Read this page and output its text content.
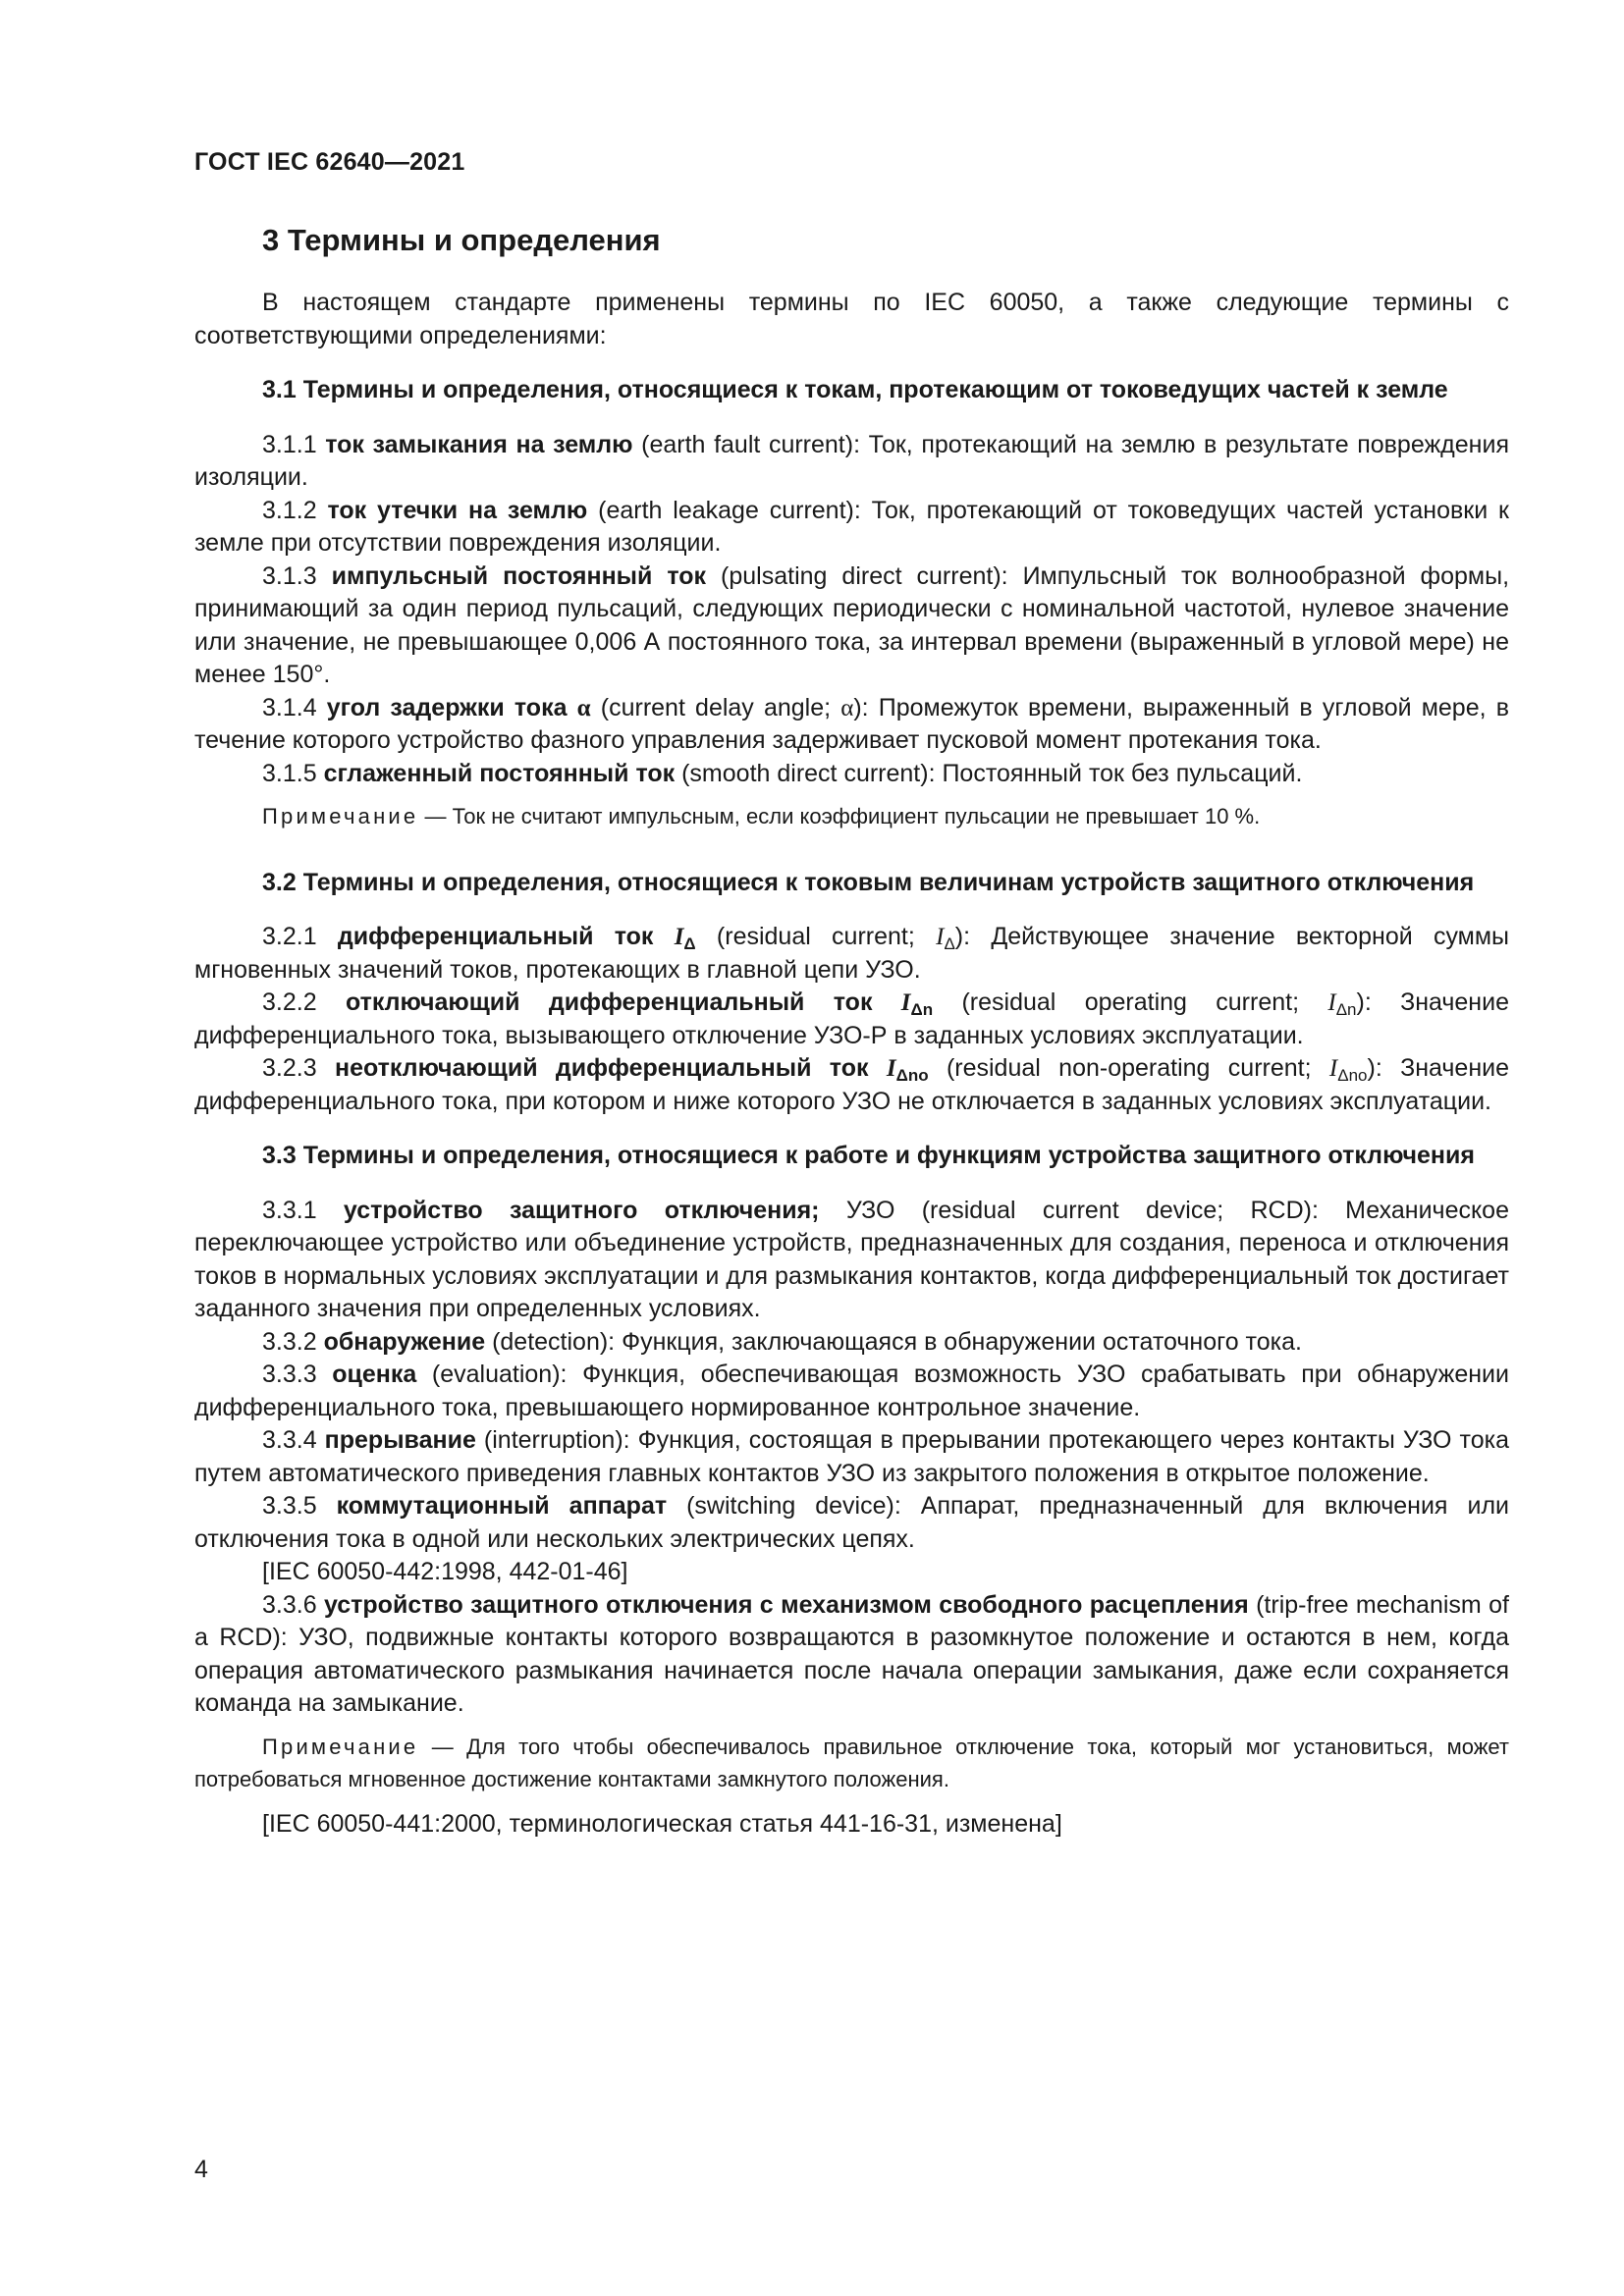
ГОСТ IEC 62640—2021
3 Термины и определения

В настоящем стандарте применены термины по IEC 60050, а также следующие термины с соответствующими определениями:

3.1 Термины и определения, относящиеся к токам, протекающим от токоведущих частей к земле

3.1.1 ток замыкания на землю (earth fault current): Ток, протекающий на землю в результате повреждения изоляции.

3.1.2 ток утечки на землю (earth leakage current): Ток, протекающий от токоведущих частей установки к земле при отсутствии повреждения изоляции.

3.1.3 импульсный постоянный ток (pulsating direct current): Импульсный ток волнообразной формы, принимающий за один период пульсаций, следующих периодически с номинальной частотой, нулевое значение или значение, не превышающее 0,006 А постоянного тока, за интервал времени (выраженный в угловой мере) не менее 150°.

3.1.4 угол задержки тока α (current delay angle; α): Промежуток времени, выраженный в угловой мере, в течение которого устройство фазного управления задерживает пусковой момент протекания тока.

3.1.5 сглаженный постоянный ток (smooth direct current): Постоянный ток без пульсаций.

Примечание — Ток не считают импульсным, если коэффициент пульсации не превышает 10 %.

3.2 Термины и определения, относящиеся к токовым величинам устройств защитного отключения

3.2.1 дифференциальный ток $I_\Delta$ (residual current; $I_\Delta$): Действующее значение векторной суммы мгновенных значений токов, протекающих в главной цепи УЗО.

3.2.2 отключающий дифференциальный ток $I_{\Delta n}$ (residual operating current; $I_{\Delta n}$): Значение дифференциального тока, вызывающего отключение УЗО-Р в заданных условиях эксплуатации.

3.2.3 неотключающий дифференциальный ток $I_{\Delta no}$ (residual non-operating current; $I_{\Delta no}$): Значение дифференциального тока, при котором и ниже которого УЗО не отключается в заданных условиях эксплуатации.

3.3 Термины и определения, относящиеся к работе и функциям устройства защитного отключения

3.3.1 устройство защитного отключения; УЗО (residual current device; RCD): Механическое переключающее устройство или объединение устройств, предназначенных для создания, переноса и отключения токов в нормальных условиях эксплуатации и для размыкания контактов, когда дифференциальный ток достигает заданного значения при определенных условиях.

3.3.2 обнаружение (detection): Функция, заключающаяся в обнаружении остаточного тока.

3.3.3 оценка (evaluation): Функция, обеспечивающая возможность УЗО срабатывать при обнаружении дифференциального тока, превышающего нормированное контрольное значение.

3.3.4 прерывание (interruption): Функция, состоящая в прерывании протекающего через контакты УЗО тока путем автоматического приведения главных контактов УЗО из закрытого положения в открытое положение.

3.3.5 коммутационный аппарат (switching device): Аппарат, предназначенный для включения или отключения тока в одной или нескольких электрических цепях.

[IEC 60050-442:1998, 442-01-46]

3.3.6 устройство защитного отключения с механизмом свободного расцепления (trip-free mechanism of a RCD): УЗО, подвижные контакты которого возвращаются в разомкнутое положение и остаются в нем, когда операция автоматического размыкания начинается после начала операции замыкания, даже если сохраняется команда на замыкание.

Примечание — Для того чтобы обеспечивалось правильное отключение тока, который мог установиться, может потребоваться мгновенное достижение контактами замкнутого положения.

[IEC 60050-441:2000, терминологическая статья 441-16-31, изменена]

4
